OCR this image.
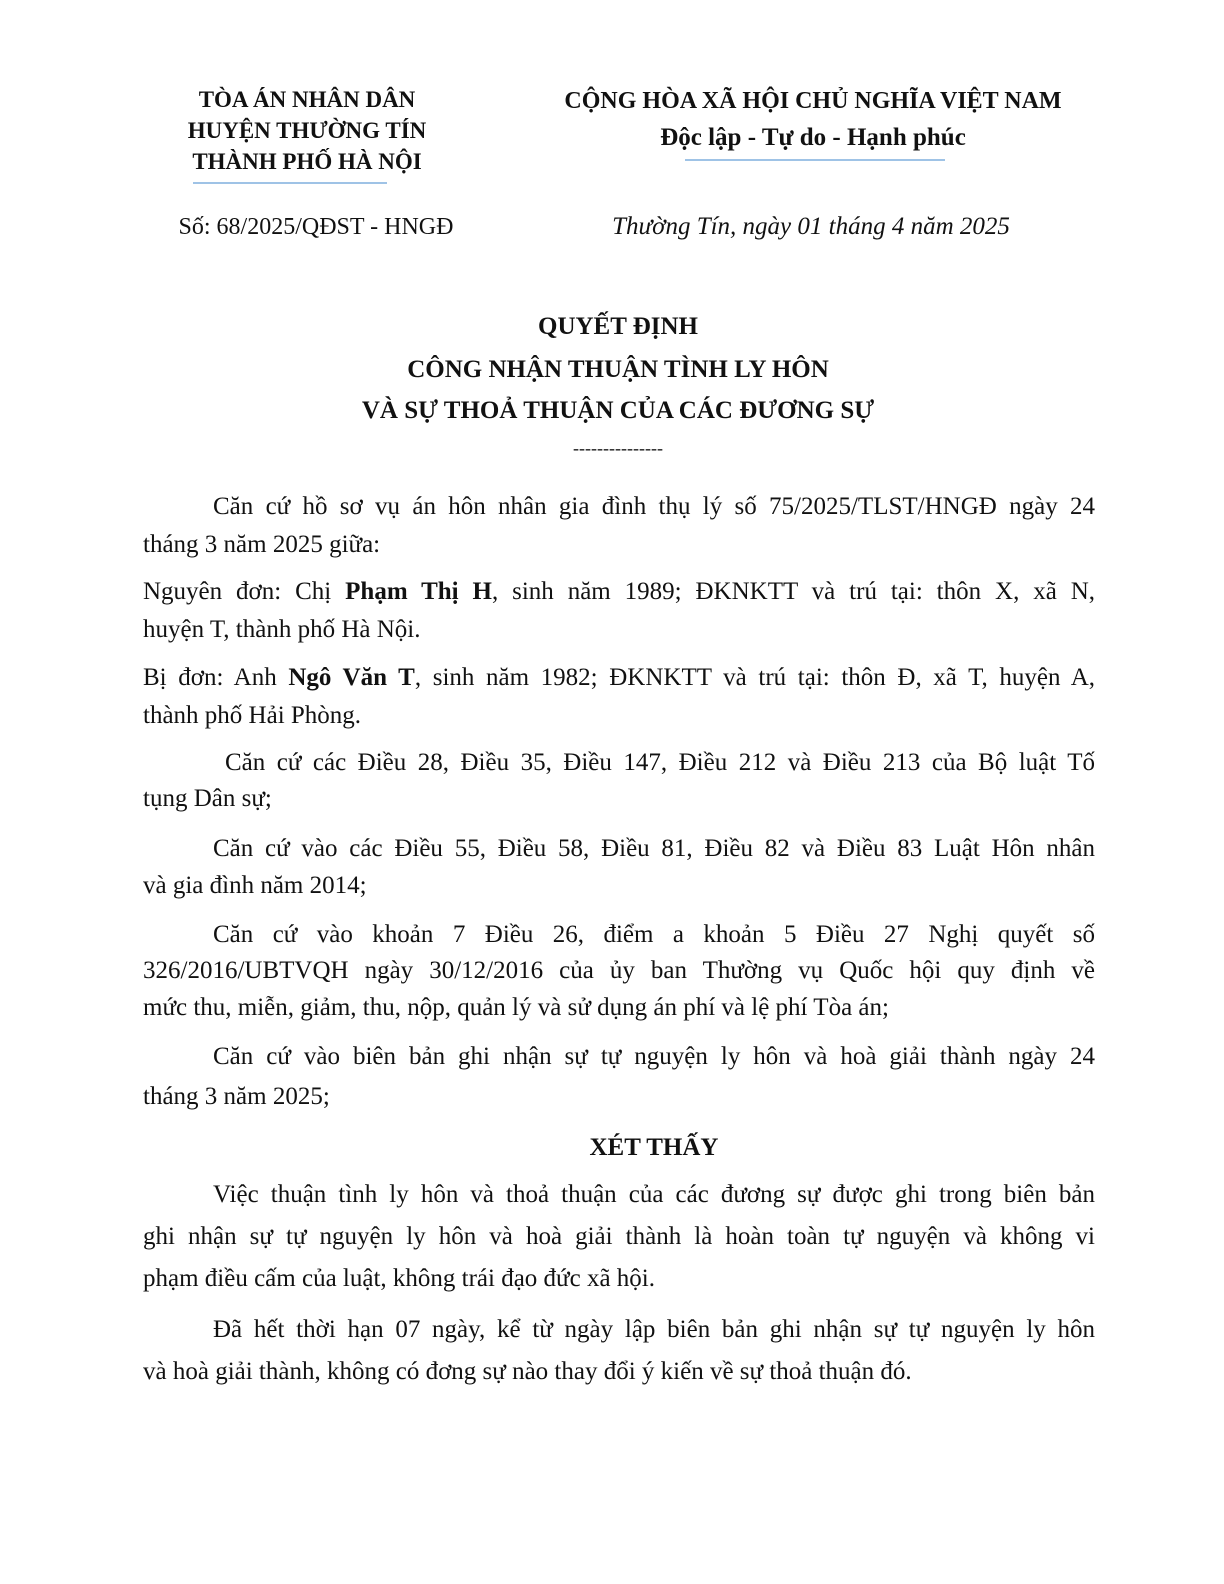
TÒA ÁN NHÂN DÂN
HUYỆN THƯỜNG TÍN
THÀNH PHỐ HÀ NỘI
CỘNG HÒA XÃ HỘI CHỦ NGHĨA VIỆT NAM
Độc lập - Tự do - Hạnh phúc
Số: 68/2025/QĐST - HNGĐ	Thường Tín, ngày 01 tháng 4 năm 2025
QUYẾT ĐỊNH
CÔNG NHẬN THUẬN TÌNH LY HÔN
VÀ SỰ THOẢ THUẬN CỦA CÁC ĐƯƠNG SỰ
---------------
Căn cứ hồ sơ vụ án hôn nhân gia đình thụ lý số 75/2025/TLST/HNGĐ ngày 24
tháng 3 năm 2025 giữa:
Nguyên đơn: Chị Phạm Thị H, sinh năm 1989; ĐKNKTT và trú tại: thôn X, xã N,
huyện T, thành phố Hà Nội.
Bị đơn: Anh Ngô Văn T, sinh năm 1982; ĐKNKTT và trú tại: thôn Đ, xã T, huyện A,
thành phố Hải Phòng.
Căn cứ các Điều 28, Điều 35, Điều 147, Điều 212 và Điều 213 của Bộ luật Tố
tụng Dân sự;
Căn cứ vào các Điều 55, Điều 58, Điều 81, Điều 82 và Điều 83 Luật Hôn nhân
và gia đình năm 2014;
Căn cứ vào khoản 7 Điều 26, điểm a khoản 5 Điều 27 Nghị quyết số
326/2016/UBTVQH ngày 30/12/2016 của ủy ban Thường vụ Quốc hội quy định về
mức thu, miễn, giảm, thu, nộp, quản lý và sử dụng án phí và lệ phí Tòa án;
Căn cứ vào biên bản ghi nhận sự tự nguyện ly hôn và hoà giải thành ngày 24
tháng 3 năm 2025;
XÉT THẤY
Việc thuận tình ly hôn và thoả thuận của các đương sự được ghi trong biên bản
ghi nhận sự tự nguyện ly hôn và hoà giải thành là hoàn toàn tự nguyện và không vi
phạm điều cấm của luật, không trái đạo đức xã hội.
Đã hết thời hạn 07 ngày, kể từ ngày lập biên bản ghi nhận sự tự nguyện ly hôn
và hoà giải thành, không có đơng sự nào thay đổi ý kiến về sự thoả thuận đó.
